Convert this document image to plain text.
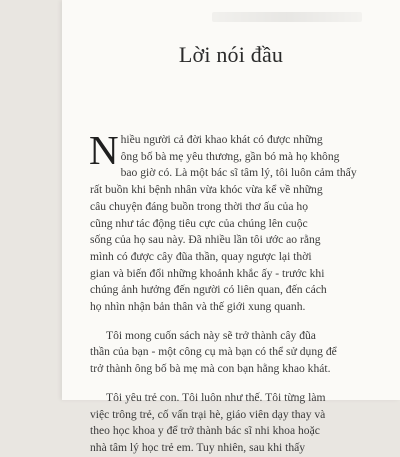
Lời nói đầu
N hiều người cả đời khao khát có được những
ông bố bà mẹ yêu thương, gần bó mà họ không
bao giờ có. Là một bác sĩ tâm lý, tôi luôn cảm thấy
rất buồn khi bệnh nhân vừa khóc vừa kể về những
câu chuyện đáng buồn trong thời thơ ấu của họ
cũng như tác động tiêu cực của chúng lên cuộc
sống của họ sau này. Đã nhiều lần tôi ước ao rằng
mình có được cây đũa thần, quay ngược lại thời
gian và biến đổi những khoảnh khắc ấy - trước khi
chúng ảnh hưởng đến người có liên quan, đến cách
họ nhìn nhận bản thân và thế giới xung quanh.
Tôi mong cuốn sách này sẽ trở thành cây đũa
thần của bạn - một công cụ mà bạn có thể sử dụng để
trở thành ông bố bà mẹ mà con bạn hằng khao khát.
Tôi yêu trẻ con. Tôi luôn như thế. Tôi từng làm
việc trông trẻ, cố vấn trại hè, giáo viên dạy thay và
theo học khoa y để trở thành bác sĩ nhi khoa hoặc
nhà tâm lý học trẻ em. Tuy nhiên, sau khi thấy
